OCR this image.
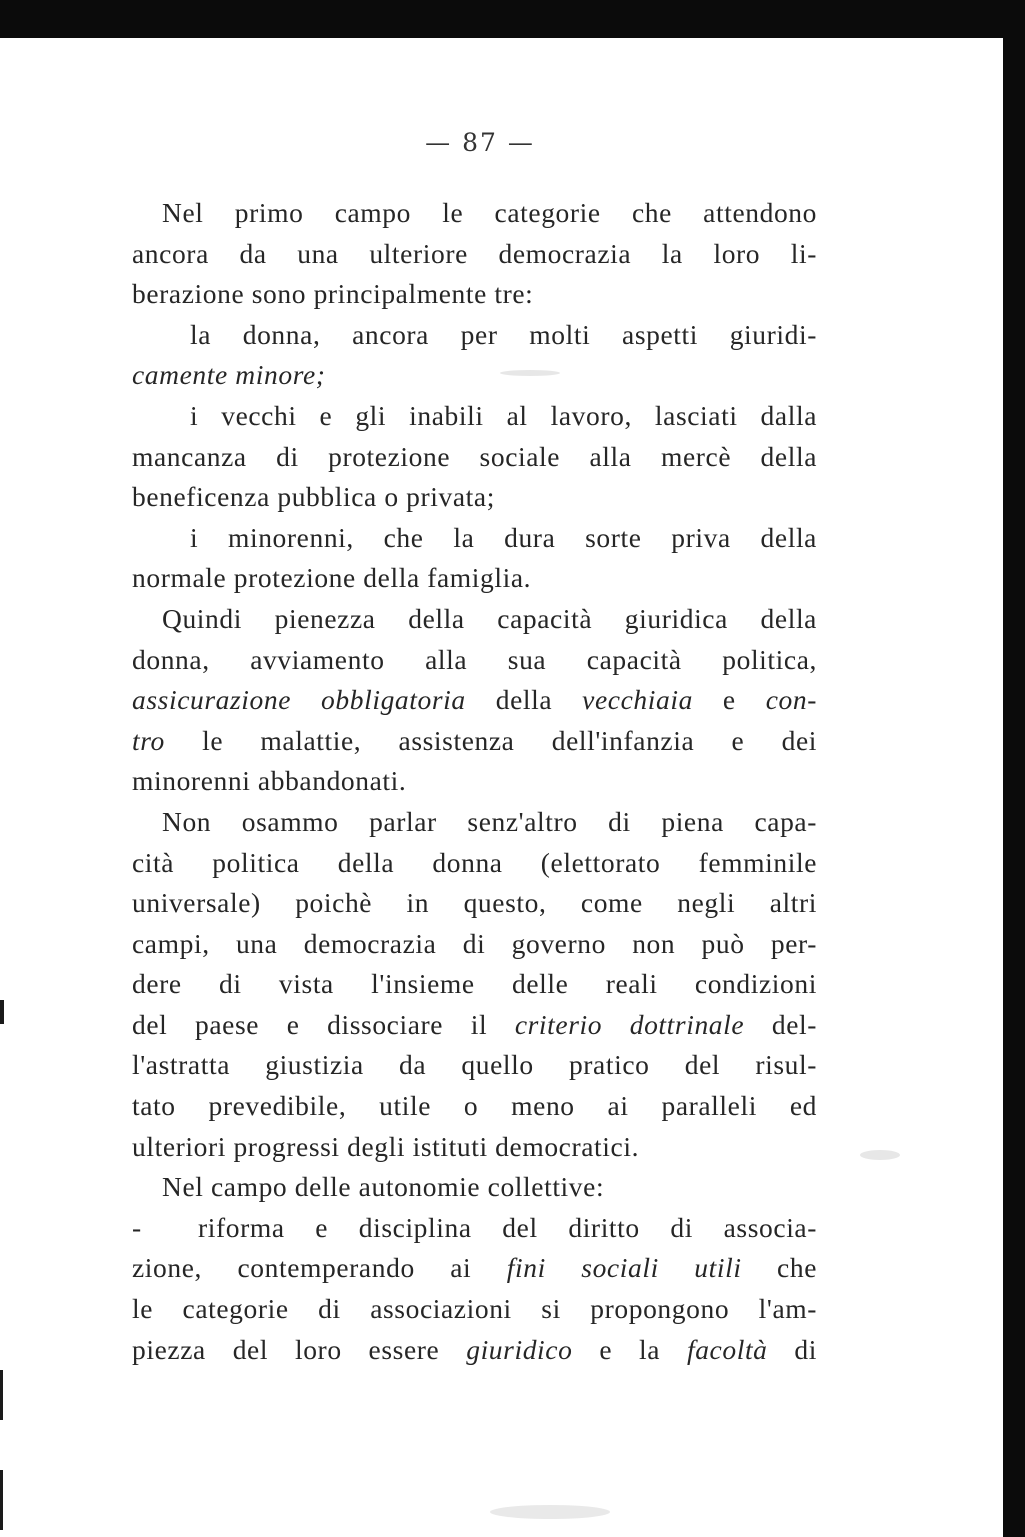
— 87 —
Nel primo campo le categorie che attendono
ancora da una ulteriore democrazia la loro li-
berazione sono principalmente tre:
la donna, ancora per molti aspetti giuridi-
camente minore;
i vecchi e gli inabili al lavoro, lasciati dalla
mancanza di protezione sociale alla mercè della
beneficenza pubblica o privata;
i minorenni, che la dura sorte priva della
normale protezione della famiglia.
Quindi pienezza della capacità giuridica della
donna, avviamento alla sua capacità politica,
assicurazione obbligatoria della vecchiaia e con-
tro le malattie, assistenza dell'infanzia e dei
minorenni abbandonati.
Non osammo parlar senz'altro di piena capa-
cità politica della donna (elettorato femminile
universale) poichè in questo, come negli altri
campi, una democrazia di governo non può per-
dere di vista l'insieme delle reali condizioni
del paese e dissociare il criterio dottrinale del-
l'astratta giustizia da quello pratico del risul-
tato prevedibile, utile o meno ai paralleli ed
ulteriori progressi degli istituti democratici.
Nel campo delle autonomie collettive:
- riforma e disciplina del diritto di associa-
zione, contemperando ai fini sociali utili che
le categorie di associazioni si propongono l'am-
piezza del loro essere giuridico e la facoltà di
